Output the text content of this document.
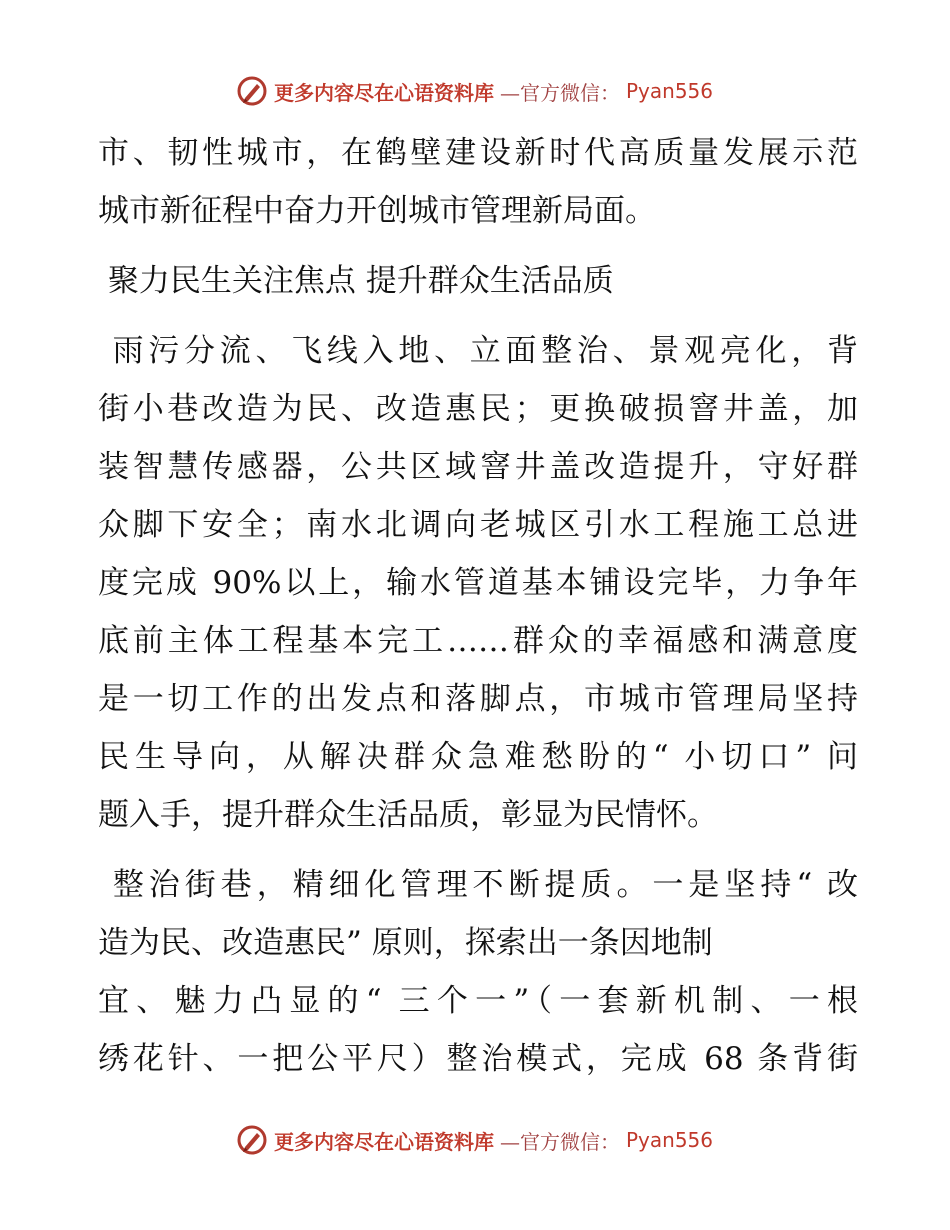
更多内容尽在心语资料库 —官方微信： Pyan556

市、韧性城市，在鹤壁建设新时代高质量发展示范
城市新征程中奋力开创城市管理新局面。

聚力民生关注焦点 提升群众生活品质

雨污分流、飞线入地、立面整治、景观亮化，背
街小巷改造为民、改造惠民；更换破损窨井盖，加
装智慧传感器，公共区域窨井盖改造提升，守好群
众脚下安全；南水北调向老城区引水工程施工总进
度完成 90%以上，输水管道基本铺设完毕，力争年
底前主体工程基本完工……群众的幸福感和满意度
是一切工作的出发点和落脚点，市城市管理局坚持
民生导向，从解决群众急难愁盼的“ 小切口” 问
题入手，提升群众生活品质，彰显为民情怀。

整治街巷，精细化管理不断提质。一是坚持“ 改
造为民、改造惠民” 原则，探索出一条因地制
宜、魅力凸显的“ 三个一”（一套新机制、一根
绣花针、一把公平尺）整治模式，完成 68 条背街

更多内容尽在心语资料库 —官方微信： Pyan556
